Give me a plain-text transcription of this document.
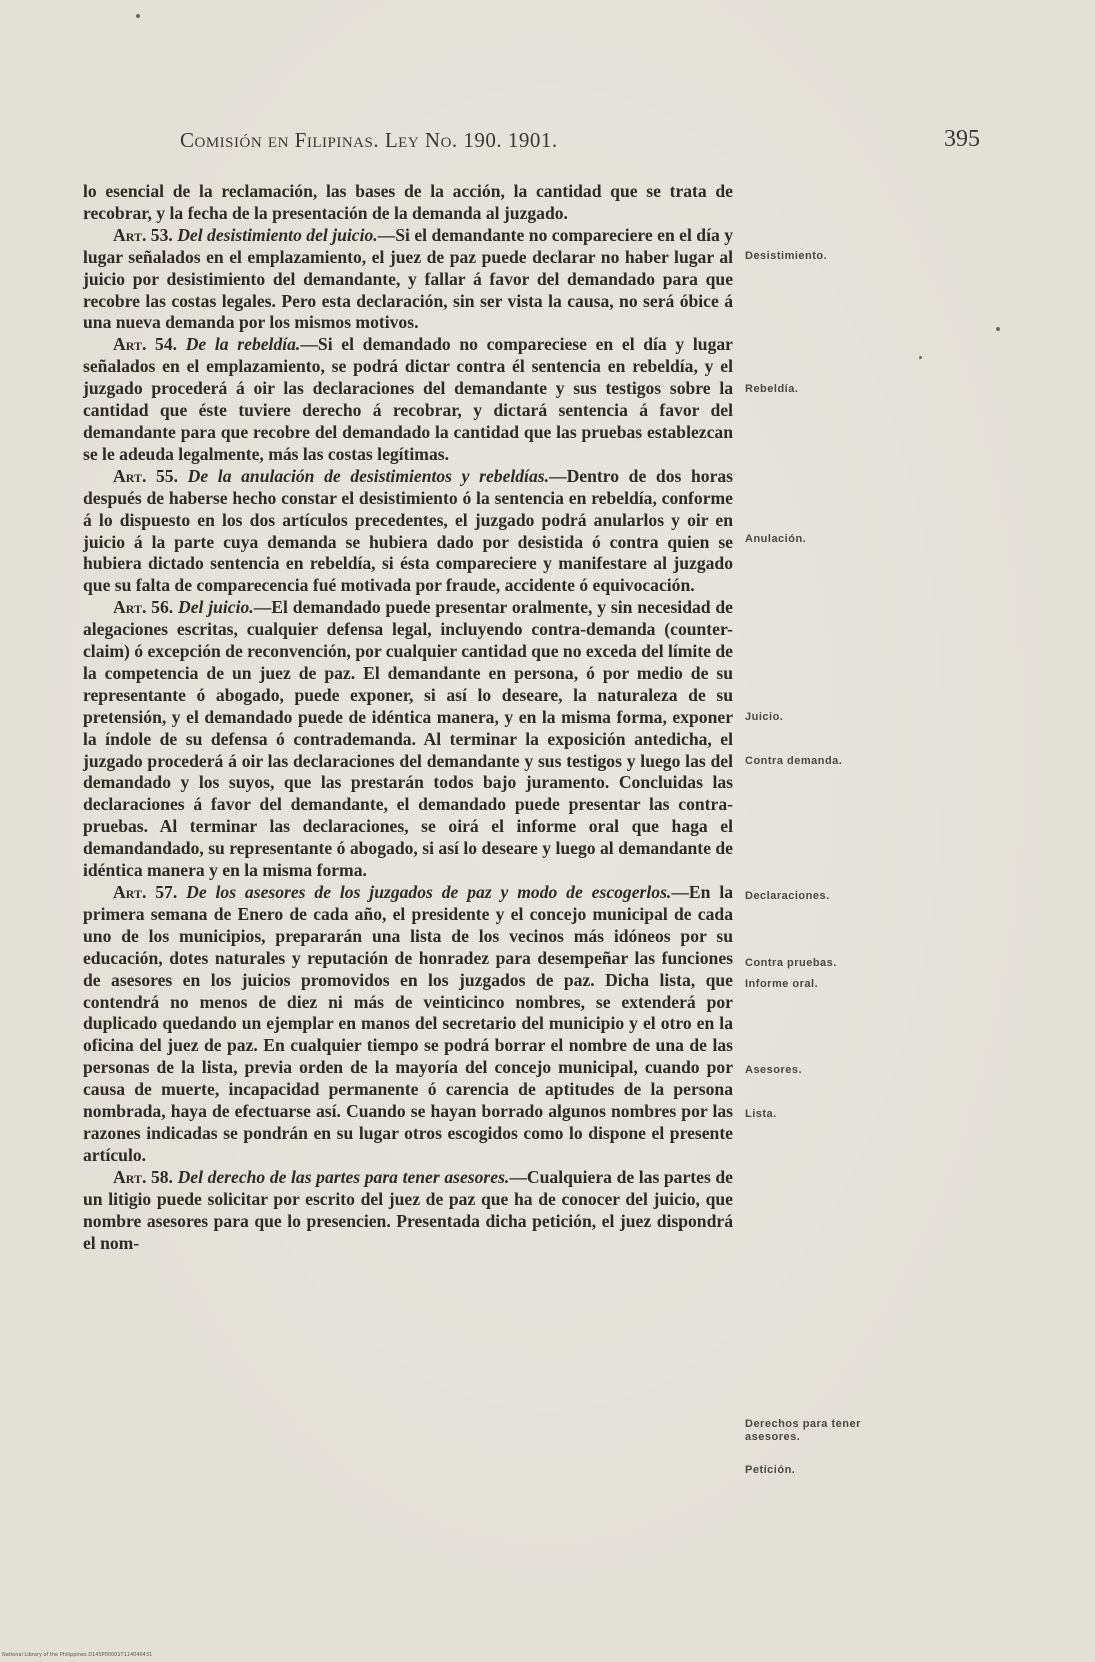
Comisión en Filipinas. Ley No. 190. 1901.	395

lo esencial de la reclamación, las bases de la acción, la cantidad que se trata de recobrar, y la fecha de la presentación de la demanda al juzgado.

Art. 53. Del desistimiento del juicio.—Si el demandante no compareciere en el día y lugar señalados en el emplazamiento, el juez de paz puede declarar no haber lugar al juicio por desistimiento del demandante, y fallar á favor del demandado para que recobre las costas legales. Pero esta declaración, sin ser vista la causa, no será óbice á una nueva demanda por los mismos motivos.

Art. 54. De la rebeldía.—Si el demandado no compareciese en el día y lugar señalados en el emplazamiento, se podrá dictar contra él sentencia en rebeldía, y el juzgado procederá á oir las declaraciones del demandante y sus testigos sobre la cantidad que éste tuviere derecho á recobrar, y dictará sentencia á favor del demandante para que recobre del demandado la cantidad que las pruebas establezcan se le adeuda legalmente, más las costas legítimas.

Art. 55. De la anulación de desistimientos y rebeldías.—Dentro de dos horas después de haberse hecho constar el desistimiento ó la sentencia en rebeldía, conforme á lo dispuesto en los dos artículos precedentes, el juzgado podrá anularlos y oir en juicio á la parte cuya demanda se hubiera dado por desistida ó contra quien se hubiera dictado sentencia en rebeldía, si ésta compareciere y manifestare al juzgado que su falta de comparecencia fué motivada por fraude, accidente ó equivocación.

Art. 56. Del juicio.—El demandado puede presentar oralmente, y sin necesidad de alegaciones escritas, cualquier defensa legal, incluyendo contra-demanda (counter-claim) ó excepción de reconvención, por cualquier cantidad que no exceda del límite de la competencia de un juez de paz. El demandante en persona, ó por medio de su representante ó abogado, puede exponer, si así lo deseare, la naturaleza de su pretensión, y el demandado puede de idéntica manera, y en la misma forma, exponer la índole de su defensa ó contrademanda. Al terminar la exposición antedicha, el juzgado procederá á oir las declaraciones del demandante y sus testigos y luego las del demandado y los suyos, que las prestarán todos bajo juramento. Concluidas las declaraciones á favor del demandante, el demandado puede presentar las contra-pruebas. Al terminar las declaraciones, se oirá el informe oral que haga el demandandado, su representante ó abogado, si así lo deseare y luego al demandante de idéntica manera y en la misma forma.

Art. 57. De los asesores de los juzgados de paz y modo de escogerlos.—En la primera semana de Enero de cada año, el presidente y el concejo municipal de cada uno de los municipios, prepararán una lista de los vecinos más idóneos por su educación, dotes naturales y reputación de honradez para desempeñar las funciones de asesores en los juicios promovidos en los juzgados de paz. Dicha lista, que contendrá no menos de diez ni más de veinticinco nombres, se extenderá por duplicado quedando un ejemplar en manos del secretario del municipio y el otro en la oficina del juez de paz. En cualquier tiempo se podrá borrar el nombre de una de las personas de la lista, previa orden de la mayoría del concejo municipal, cuando por causa de muerte, incapacidad permanente ó carencia de aptitudes de la persona nombrada, haya de efectuarse así. Cuando se hayan borrado algunos nombres por las razones indicadas se pondrán en su lugar otros escogidos como lo dispone el presente artículo.

Art. 58. Del derecho de las partes para tener asesores.—Cualquiera de las partes de un litigio puede solicitar por escrito del juez de paz que ha de conocer del juicio, que nombre asesores para que lo presencien. Presentada dicha petición, el juez dispondrá el nom-

Desistimiento.
Rebeldía.
Anulación.
Juicio.
Contra demanda.
Declaraciones.
Contra pruebas.
Informe oral.
Asesores.
Lista.
Derechos para tener asesores.
Petición.
National Library of the Philippines D14SP00001T114040431
